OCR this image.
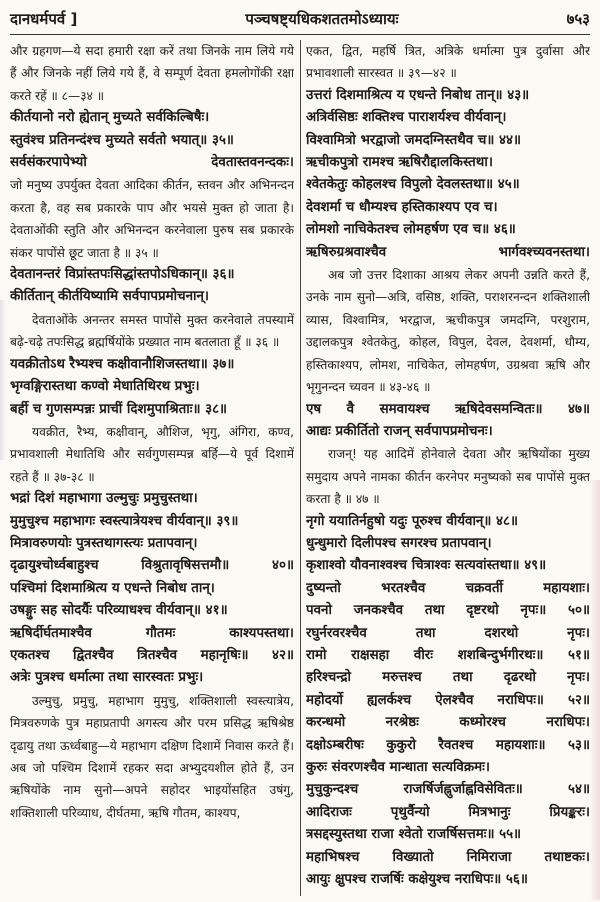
दानधर्मपर्व ]	पञ्चषष्ट्यधिकशततमोऽध्यायः	७५३

और ग्रहगण—ये सदा हमारी रक्षा करें तथा जिनके नाम लिये गये हैं और जिनके नहीं लिये गये हैं, वे सम्पूर्ण देवता हमलोगोंकी रक्षा करते रहें ॥ ८—३४ ॥

कीर्तयानो नरो ह्येतान् मुच्यते सर्वकिल्बिषैः।

स्तुवंश्च प्रतिनन्दंश्च मुच्यते सर्वतो भयात्॥ ३५॥

सर्वसंकरपापेभ्यो देवतास्तवनन्दकः।

जो मनुष्य उपर्युक्त देवता आदिका कीर्तन, स्तवन और अभिनन्दन करता है, वह सब प्रकारके पाप और भयसे मुक्त हो जाता है। देवताओंकी स्तुति और अभिनन्दन करनेवाला पुरुष सब प्रकारके संकर पापोंसे छूट जाता है ॥ ३५ ॥

देवतानन्तरं विप्रांस्तपःसिद्धांस्तपोऽधिकान्॥ ३६॥

कीर्तितान् कीर्तयिष्यामि सर्वपापप्रमोचनान्।

देवताओंके अनन्तर समस्त पापोंसे मुक्त करनेवाले तपस्यामें बढ़े-चढ़े तपःसिद्ध ब्रह्मर्षियोंके प्रख्यात नाम बतलाता हूँ ॥ ३६ ॥

यवक्रीतोऽथ रैभ्यश्च कक्षीवानौशिजस्तथा॥ ३७॥

भृग्वङ्गिरास्तथा कण्वो मेधातिथिरथ प्रभुः।

बर्ही च गुणसम्पन्नः प्राचीं दिशमुपाश्रिताः॥ ३८॥

यवक्रीत, रैभ्य, कक्षीवान्, औशिज, भृगु, अंगिरा, कण्व, प्रभावशाली मेधातिथि और सर्वगुणसम्पन्न बर्हि—ये पूर्व दिशामें रहते हैं ॥ ३७-३८ ॥

भद्रां दिशं महाभागा उल्मुचुः प्रमुचुस्तथा।

मुमुचुश्च महाभागः स्वस्त्यात्रेयश्च वीर्यवान्॥ ३९॥

मित्रावरुणयोः पुत्रस्तथागस्त्यः प्रतापवान्।

दृढायुश्चोर्ध्वबाहुश्च विश्रुतावृषिसत्तमौ॥ ४०॥

पश्चिमां दिशमाश्रित्य य एधन्ते निबोध तान्।

उषङ्गुः सह सोदर्यैः परिव्याधश्च वीर्यवान्॥ ४१॥

ऋषिर्दीर्घतमाश्चैव गौतमः काश्यपस्तथा।

एकतश्च द्वितश्चैव त्रितश्चैव महानृषिः॥ ४२॥

अत्रेः पुत्रश्च धर्मात्मा तथा सारस्वतः प्रभुः।

उल्मुचु, प्रमुचु, महाभाग मुमुचु, शक्तिशाली स्वस्त्यात्रेय, मित्रवरुणके पुत्र महाप्रतापी अगस्त्य और परम प्रसिद्ध ऋषिश्रेष्ठ दृढायु तथा ऊर्ध्वबाहु—ये महाभाग दक्षिण दिशामें निवास करते हैं। अब जो पश्चिम दिशामें रहकर सदा अभ्युदयशील होते हैं, उन ऋषियोंके नाम सुनो—अपने सहोदर भाइयोंसहित उषंगु, शक्तिशाली परिव्याध, दीर्घतमा, ऋषि गौतम, काश्यप,

एकत, द्वित, महर्षि त्रित, अत्रिके धर्मात्मा पुत्र दुर्वासा और प्रभावशाली सारस्वत ॥ ३९—४२ ॥

उत्तरां दिशमाश्रित्य य एधन्ते निबोध तान्॥ ४३॥

अत्रिर्वसिष्ठः शक्तिश्च पाराशर्यश्च वीर्यवान्।

विश्वामित्रो भरद्वाजो जमदग्निस्तथैव च॥ ४४॥

ऋचीकपुत्रो रामश्च ऋषिरौद्दालकिस्तथा।

श्वेतकेतुः कोहलश्च विपुलो देवलस्तथा॥ ४५॥

देवशर्मा च धौम्यश्च हस्तिकाश्यप एव च।

लोमशो नाचिकेतश्च लोमहर्षण एव च॥ ४६॥

ऋषिरुग्रश्रवाश्चैव भार्गवश्च्यवनस्तथा।

अब जो उत्तर दिशाका आश्रय लेकर अपनी उन्नति करते हैं, उनके नाम सुनो—अत्रि, वसिष्ठ, शक्ति, पराशरनन्दन शक्तिशाली व्यास, विश्वामित्र, भरद्वाज, ऋचीकपुत्र जमदग्नि, परशुराम, उद्दालकपुत्र श्वेतकेतु, कोहल, विपुल, देवल, देवशर्मा, धौम्य, हस्तिकाश्यप, लोमश, नाचिकेत, लोमहर्षण, उग्रश्रवा ऋषि और भृगुनन्दन च्यवन ॥ ४३-४६ ॥

एष वै समवायश्च ऋषिदेवसमन्वितः॥ ४७॥

आद्यः प्रकीर्तितो राजन् सर्वपापप्रमोचनः।

राजन्! यह आदिमें होनेवाले देवता और ऋषियोंका मुख्य समुदाय अपने नामका कीर्तन करनेपर मनुष्यको सब पापोंसे मुक्त करता है ॥ ४७ ॥

नृगो ययातिर्नहुषो यदुः पूरुश्च वीर्यवान्॥ ४८॥

धुन्धुमारो दिलीपश्च सगरश्च प्रतापवान्।

कृशाश्वो यौवनाश्वश्च चित्राश्वः सत्यवांस्तथा॥ ४९॥

दुष्यन्तो भरतश्चैव चक्रवर्ती महायशाः।

पवनो जनकश्चैव तथा दृष्टरथो नृपः॥ ५०॥

रघुर्नरवरश्चैव तथा दशरथो नृपः।

रामो राक्षसहा वीरः शशबिन्दुर्भगीरथः॥ ५१॥

हरिश्चन्द्रो मरुत्तश्च तथा दृढरथो नृपः।

महोदर्यो ह्यलर्कश्च ऐलश्चैव नराधिपः॥ ५२॥

करन्धमो नरश्रेष्ठः कध्मोरश्च नराधिपः।

दक्षोऽम्बरीषः कुकुरो रैवतश्च महायशाः॥ ५३॥

कुरुः संवरणश्चैव मान्धाता सत्यविक्रमः।

मुचुकुन्दश्च राजर्षिर्जह्नुर्जाह्नविसेवितः॥ ५४॥

आदिराजः पृथुर्वैन्यो मित्रभानुः प्रियङ्करः।

त्रसद्दस्युस्तथा राजा श्वेतो राजर्षिसत्तमः॥ ५५॥

महाभिषश्च विख्यातो निमिराजा तथाष्टकः।

आयुः क्षुपश्च राजर्षिः कक्षेयुश्च नराधिपः॥ ५६॥
